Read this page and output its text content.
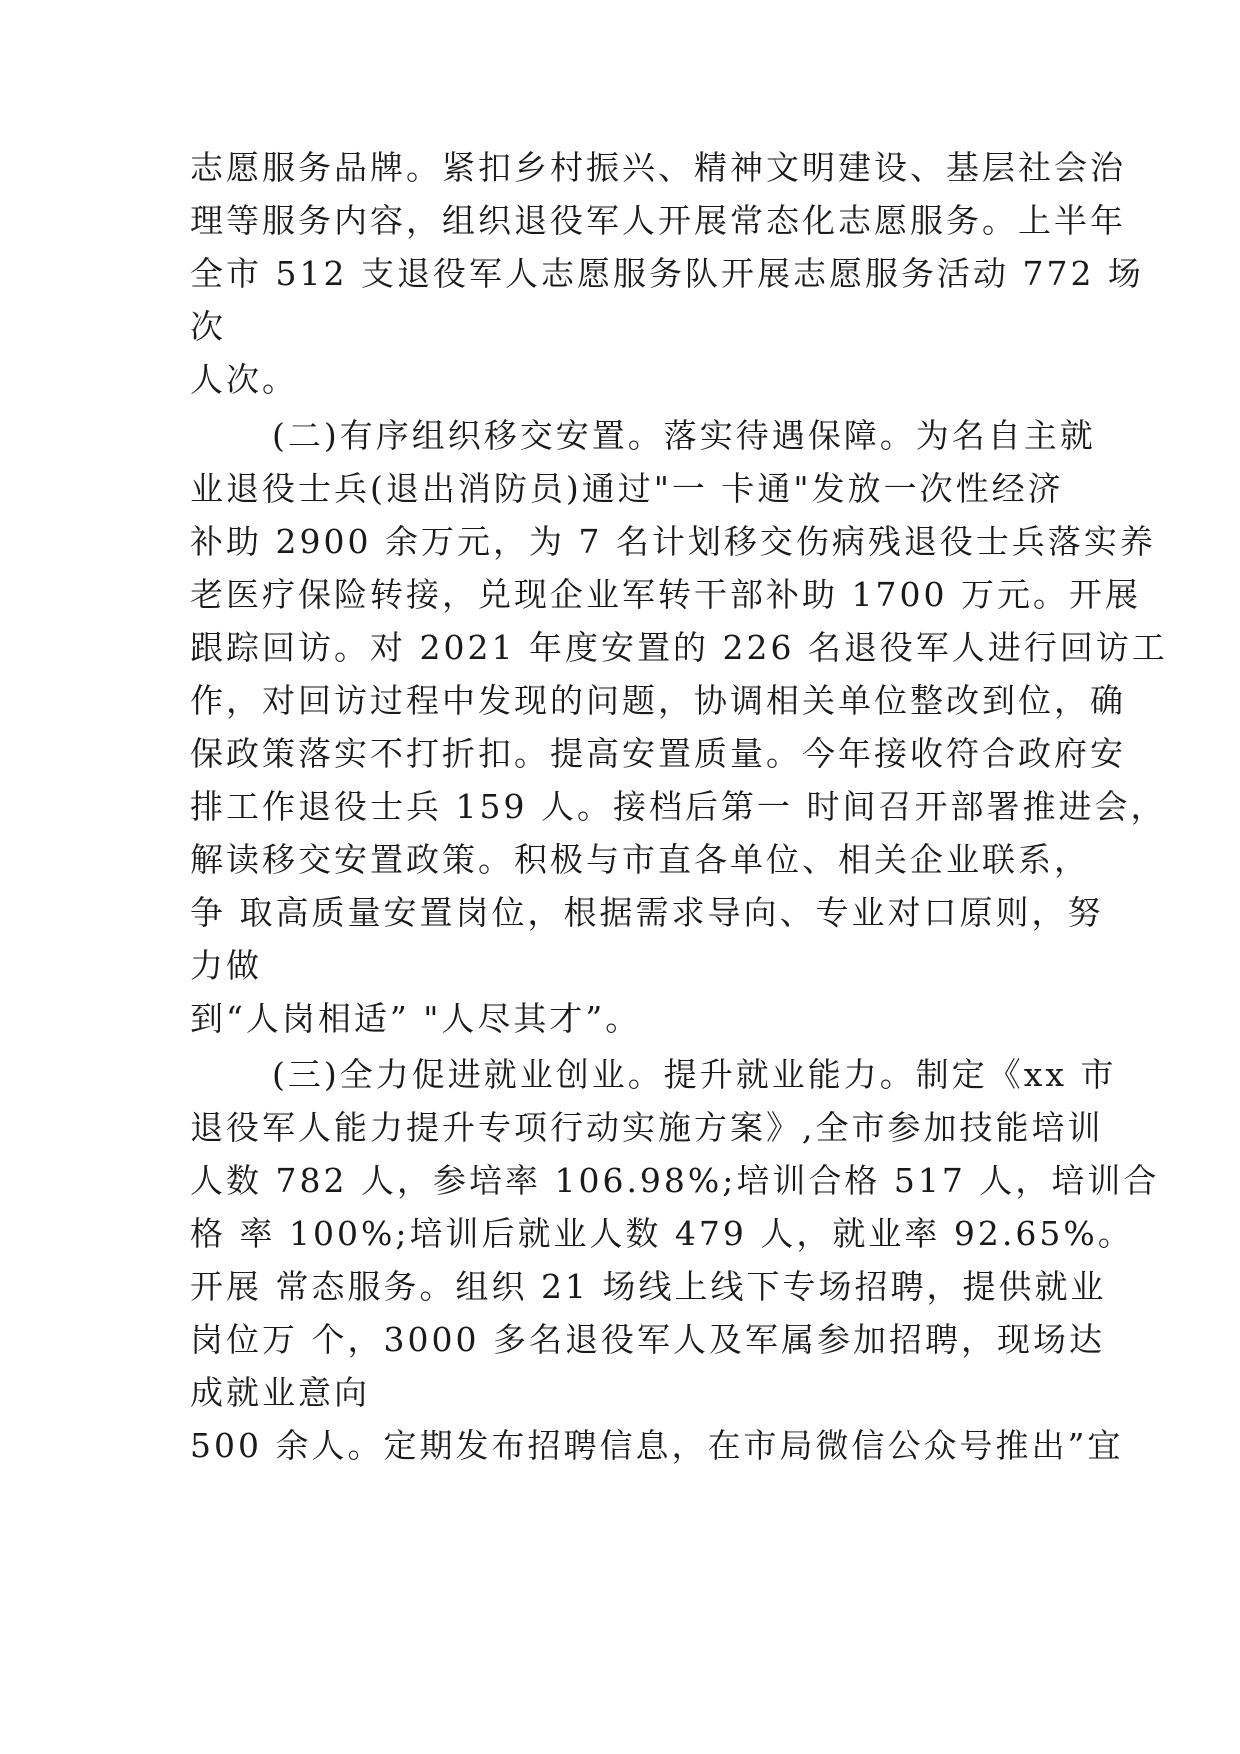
志愿服务品牌。紧扣乡村振兴、精神文明建设、基层社会治
理等服务内容，组织退役军人开展常态化志愿服务。上半年
全市 512 支退役军人志愿服务队开展志愿服务活动 772 场
次
人次。
(二)有序组织移交安置。落实待遇保障。为名自主就
业退役士兵(退出消防员)通过"一 卡通"发放一次性经济
补助 2900 余万元，为 7 名计划移交伤病残退役士兵落实养
老医疗保险转接，兑现企业军转干部补助 1700 万元。开展
跟踪回访。对 2021 年度安置的 226 名退役军人进行回访工
作，对回访过程中发现的问题，协调相关单位整改到位，确
保政策落实不打折扣。提高安置质量。今年接收符合政府安
排工作退役士兵 159 人。接档后第一 时间召开部署推进会，
解读移交安置政策。积极与市直各单位、相关企业联系，
争 取高质量安置岗位，根据需求导向、专业对口原则，努
力做
到“人岗相适” "人尽其才”。
(三)全力促进就业创业。提升就业能力。制定《xx 市
退役军人能力提升专项行动实施方案》,全市参加技能培训
人数 782 人，参培率 106.98%;培训合格 517 人，培训合
格 率 100%;培训后就业人数 479 人，就业率 92.65%。
开展 常态服务。组织 21 场线上线下专场招聘，提供就业
岗位万 个，3000 多名退役军人及军属参加招聘，现场达
成就业意向
500 余人。定期发布招聘信息，在市局微信公众号推出”宜
